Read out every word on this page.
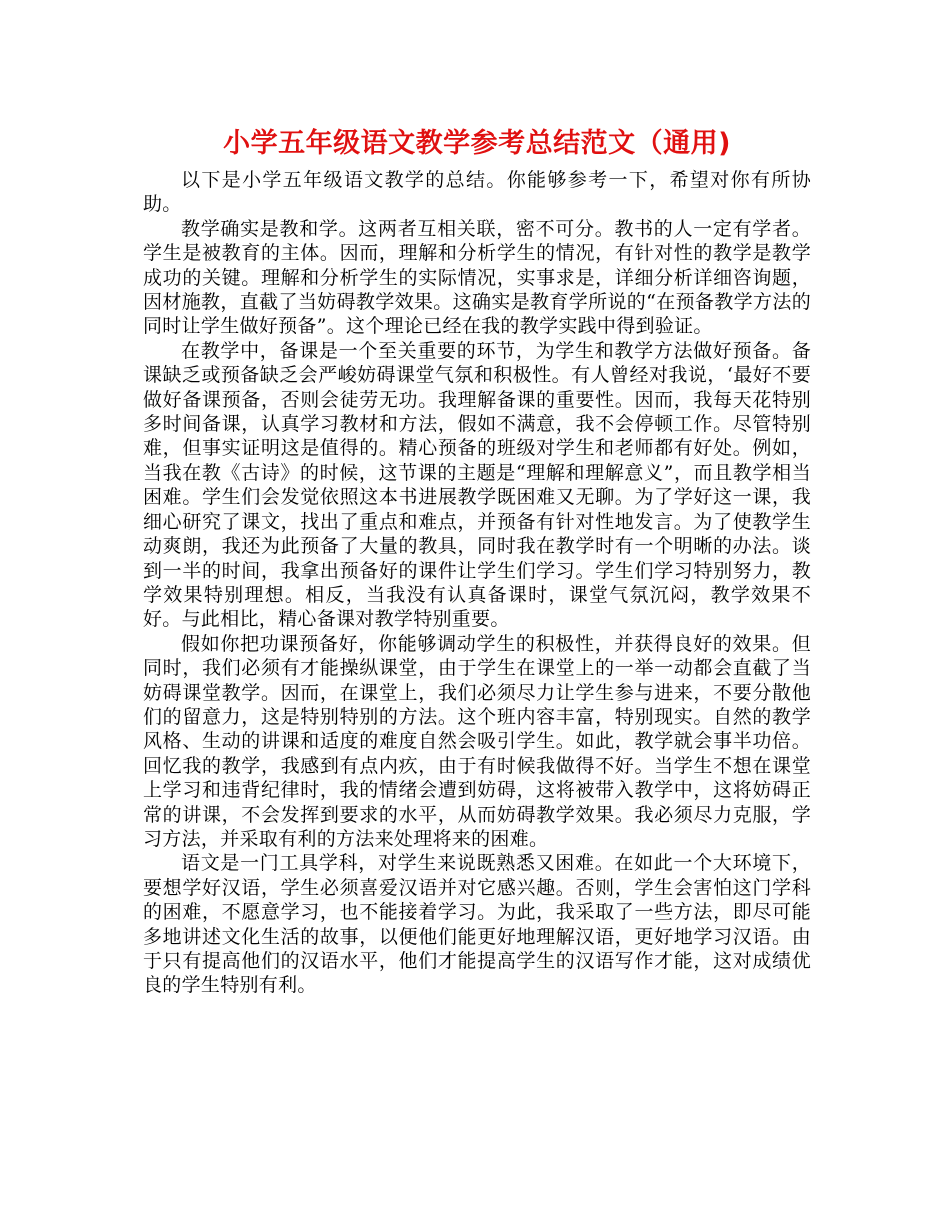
小学五年级语文教学参考总结范文（通用)

以下是小学五年级语文教学的总结。你能够参考一下，希望对你有所协助。

教学确实是教和学。这两者互相关联，密不可分。教书的人一定有学者。学生是被教育的主体。因而，理解和分析学生的情况，有针对性的教学是教学成功的关键。理解和分析学生的实际情况，实事求是，详细分析详细咨询题，因材施教，直截了当妨碍教学效果。这确实是教育学所说的“在预备教学方法的同时让学生做好预备”。这个理论已经在我的教学实践中得到验证。

在教学中，备课是一个至关重要的环节，为学生和教学方法做好预备。备课缺乏或预备缺乏会严峻妨碍课堂气氛和积极性。有人曾经对我说，‘最好不要做好备课预备，否则会徒劳无功。我理解备课的重要性。因而，我每天花特别多时间备课，认真学习教材和方法，假如不满意，我不会停顿工作。尽管特别难，但事实证明这是值得的。精心预备的班级对学生和老师都有好处。例如，当我在教《古诗》的时候，这节课的主题是“理解和理解意义”，而且教学相当困难。学生们会发觉依照这本书进展教学既困难又无聊。为了学好这一课，我细心研究了课文，找出了重点和难点，并预备有针对性地发言。为了使教学生动爽朗，我还为此预备了大量的教具，同时我在教学时有一个明晰的办法。谈到一半的时间，我拿出预备好的课件让学生们学习。学生们学习特别努力，教学效果特别理想。相反，当我没有认真备课时，课堂气氛沉闷，教学效果不好。与此相比，精心备课对教学特别重要。

假如你把功课预备好，你能够调动学生的积极性，并获得良好的效果。但同时，我们必须有才能操纵课堂，由于学生在课堂上的一举一动都会直截了当妨碍课堂教学。因而，在课堂上，我们必须尽力让学生参与进来，不要分散他们的留意力，这是特别特别的方法。这个班内容丰富，特别现实。自然的教学风格、生动的讲课和适度的难度自然会吸引学生。如此，教学就会事半功倍。回忆我的教学，我感到有点内疚，由于有时候我做得不好。当学生不想在课堂上学习和违背纪律时，我的情绪会遭到妨碍，这将被带入教学中，这将妨碍正常的讲课，不会发挥到要求的水平，从而妨碍教学效果。我必须尽力克服，学习方法，并采取有利的方法来处理将来的困难。

语文是一门工具学科，对学生来说既熟悉又困难。在如此一个大环境下，要想学好汉语，学生必须喜爱汉语并对它感兴趣。否则，学生会害怕这门学科的困难，不愿意学习，也不能接着学习。为此，我采取了一些方法，即尽可能多地讲述文化生活的故事，以便他们能更好地理解汉语，更好地学习汉语。由于只有提高他们的汉语水平，他们才能提高学生的汉语写作才能，这对成绩优良的学生特别有利。
